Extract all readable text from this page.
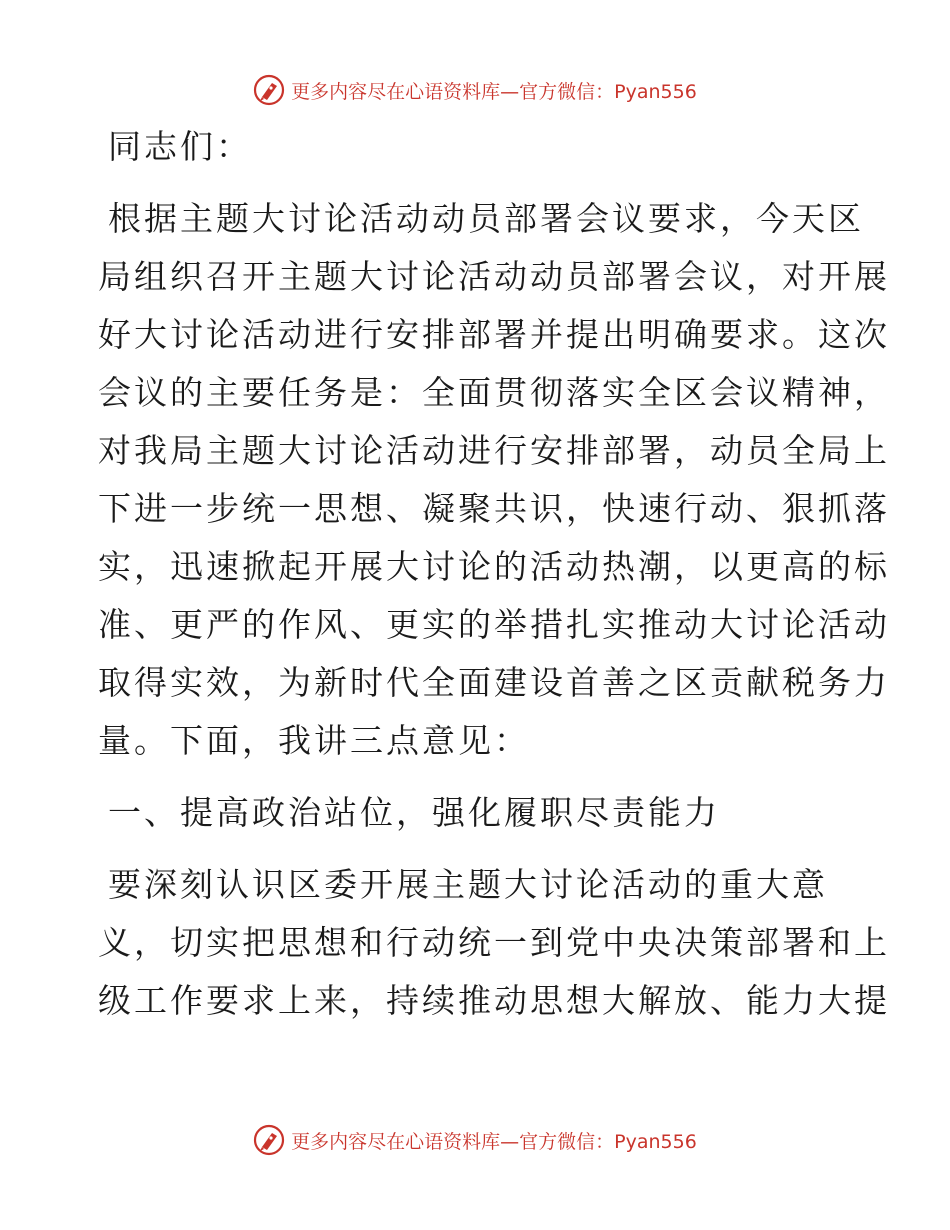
更多内容尽在心语资料库—官方微信：Pyan556
同志们：
根据主题大讨论活动动员部署会议要求，今天区
局组织召开主题大讨论活动动员部署会议，对开展
好大讨论活动进行安排部署并提出明确要求。这次
会议的主要任务是：全面贯彻落实全区会议精神，
对我局主题大讨论活动进行安排部署，动员全局上
下进一步统一思想、凝聚共识，快速行动、狠抓落
实，迅速掀起开展大讨论的活动热潮，以更高的标
准、更严的作风、更实的举措扎实推动大讨论活动
取得实效，为新时代全面建设首善之区贡献税务力
量。下面，我讲三点意见：
一、提高政治站位，强化履职尽责能力
要深刻认识区委开展主题大讨论活动的重大意
义，切实把思想和行动统一到党中央决策部署和上
级工作要求上来，持续推动思想大解放、能力大提
更多内容尽在心语资料库—官方微信：Pyan556
